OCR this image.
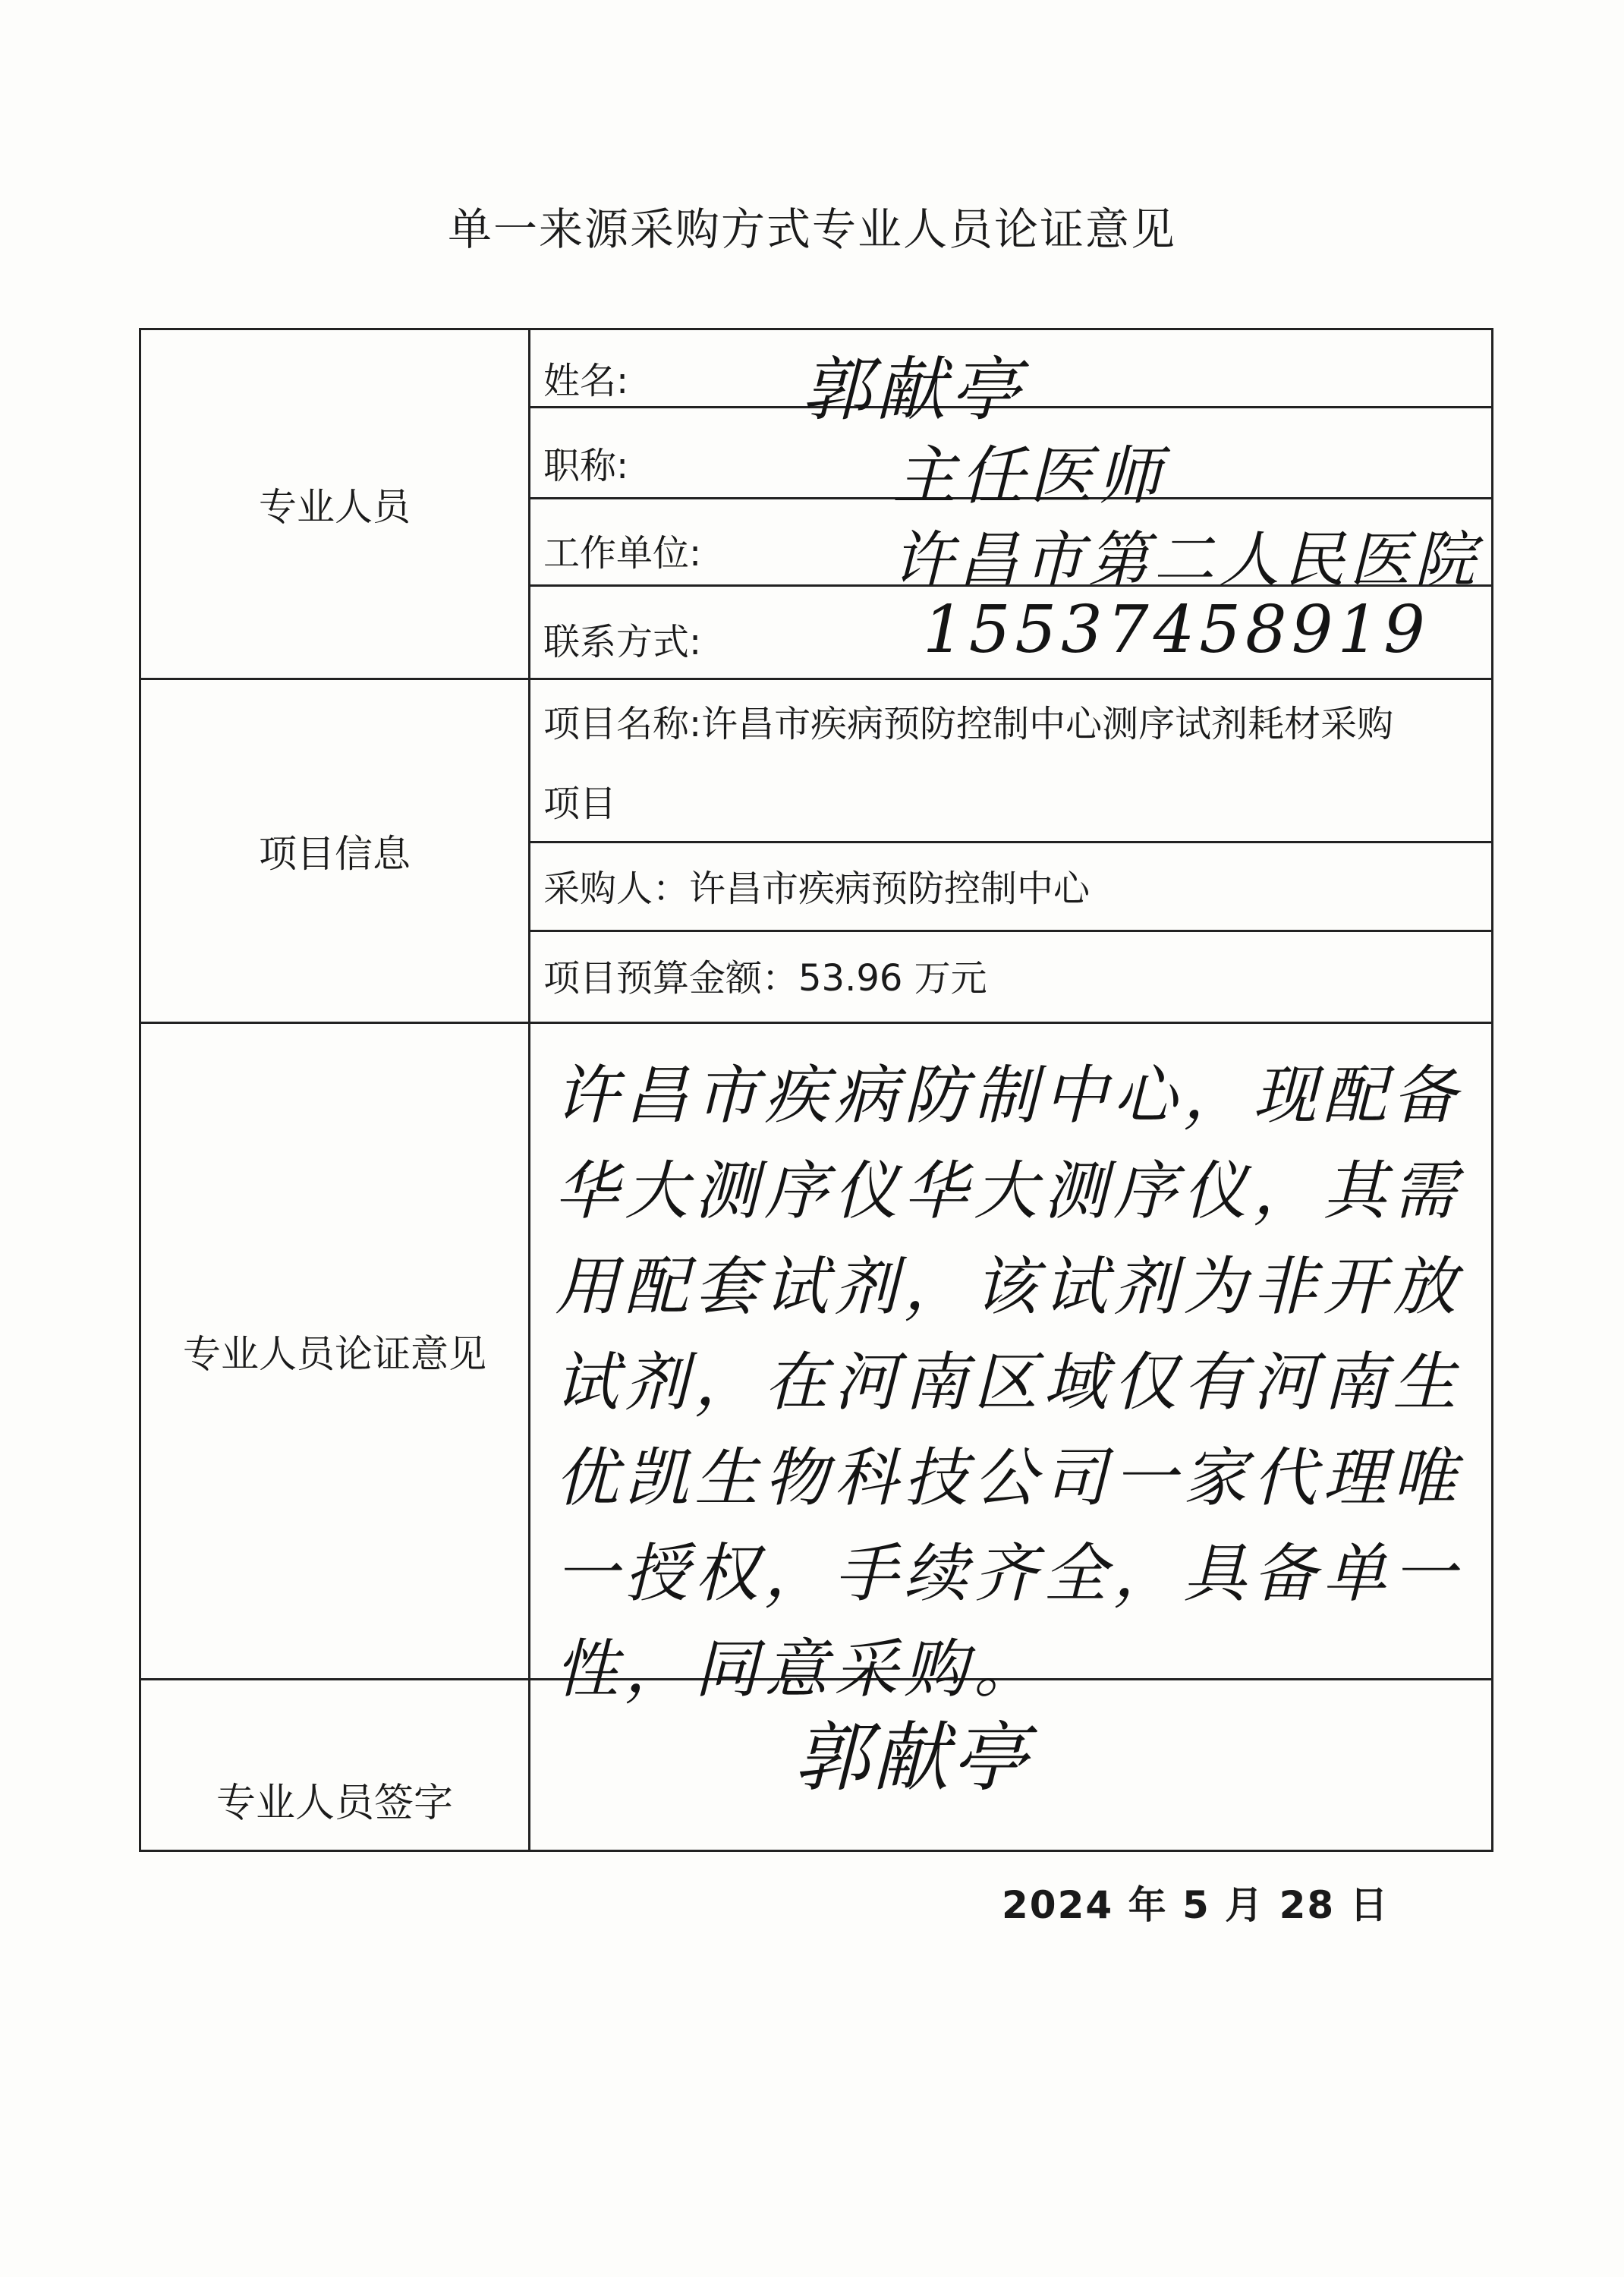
单一来源采购方式专业人员论证意见
专业人员
项目信息
专业人员论证意见
专业人员签字
姓名:
职称:
工作单位:
联系方式:
郭献亭
主任医师
许昌市第二人民医院
15537458919
项目名称:许昌市疾病预防控制中心测序试剂耗材采购
项目
采购人：许昌市疾病预防控制中心
项目预算金额：53.96 万元
许昌市疾病防制中心，现配备华大测序仪华大测序仪，其需用配套试剂，该试剂为非开放试剂，在河南区域仅有河南生优凯生物科技公司一家代理唯一授权，手续齐全，具备单一性，同意采购。
郭献亭
2024 年 5 月 28 日
